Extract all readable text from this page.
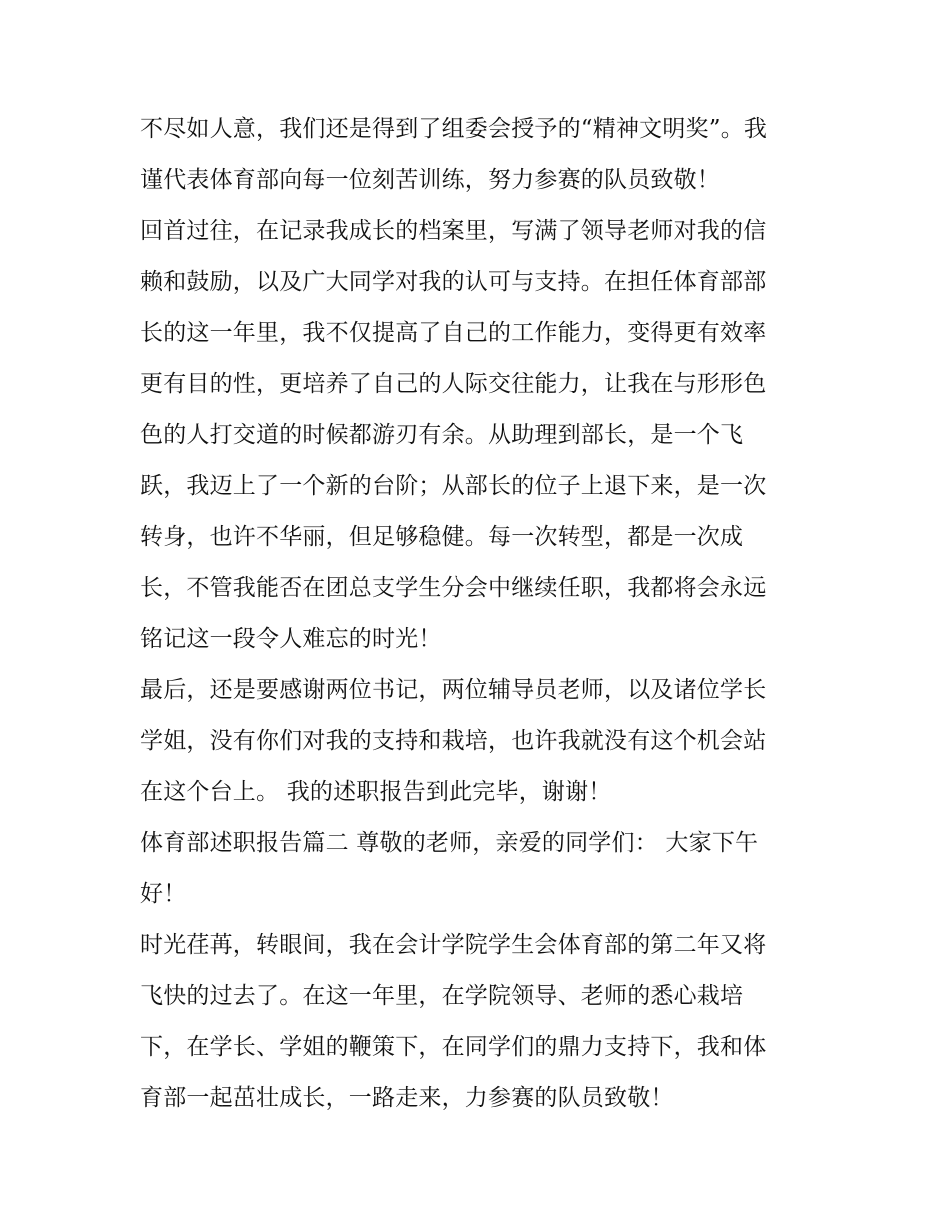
不尽如人意，我们还是得到了组委会授予的“精神文明奖”。我
谨代表体育部向每一位刻苦训练，努力参赛的队员致敬！
回首过往，在记录我成长的档案里，写满了领导老师对我的信
赖和鼓励，以及广大同学对我的认可与支持。在担任体育部部
长的这一年里，我不仅提高了自己的工作能力，变得更有效率
更有目的性，更培养了自己的人际交往能力，让我在与形形色
色的人打交道的时候都游刃有余。从助理到部长，是一个飞
跃，我迈上了一个新的台阶；从部长的位子上退下来，是一次
转身，也许不华丽，但足够稳健。每一次转型，都是一次成
长，不管我能否在团总支学生分会中继续任职，我都将会永远
铭记这一段令人难忘的时光！
最后，还是要感谢两位书记，两位辅导员老师，以及诸位学长
学姐，没有你们对我的支持和栽培，也许我就没有这个机会站
在这个台上。 我的述职报告到此完毕，谢谢！
体育部述职报告篇二 尊敬的老师，亲爱的同学们： 大家下午
好！
时光荏苒，转眼间，我在会计学院学生会体育部的第二年又将
飞快的过去了。在这一年里，在学院领导、老师的悉心栽培
下，在学长、学姐的鞭策下，在同学们的鼎力支持下，我和体
育部一起茁壮成长，一路走来，力参赛的队员致敬！
